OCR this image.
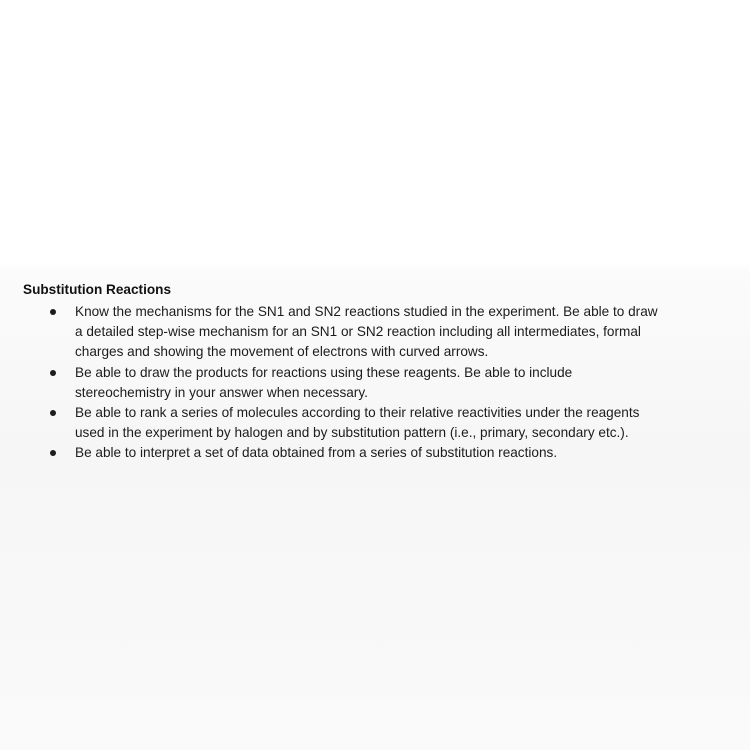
Substitution Reactions
Know the mechanisms for the SN1 and SN2 reactions studied in the experiment. Be able to draw
a detailed step-wise mechanism for an SN1 or SN2 reaction including all intermediates, formal
charges and showing the movement of electrons with curved arrows.
Be able to draw the products for reactions using these reagents. Be able to include
stereochemistry in your answer when necessary.
Be able to rank a series of molecules according to their relative reactivities under the reagents
used in the experiment by halogen and by substitution pattern (i.e., primary, secondary etc.).
Be able to interpret a set of data obtained from a series of substitution reactions.
